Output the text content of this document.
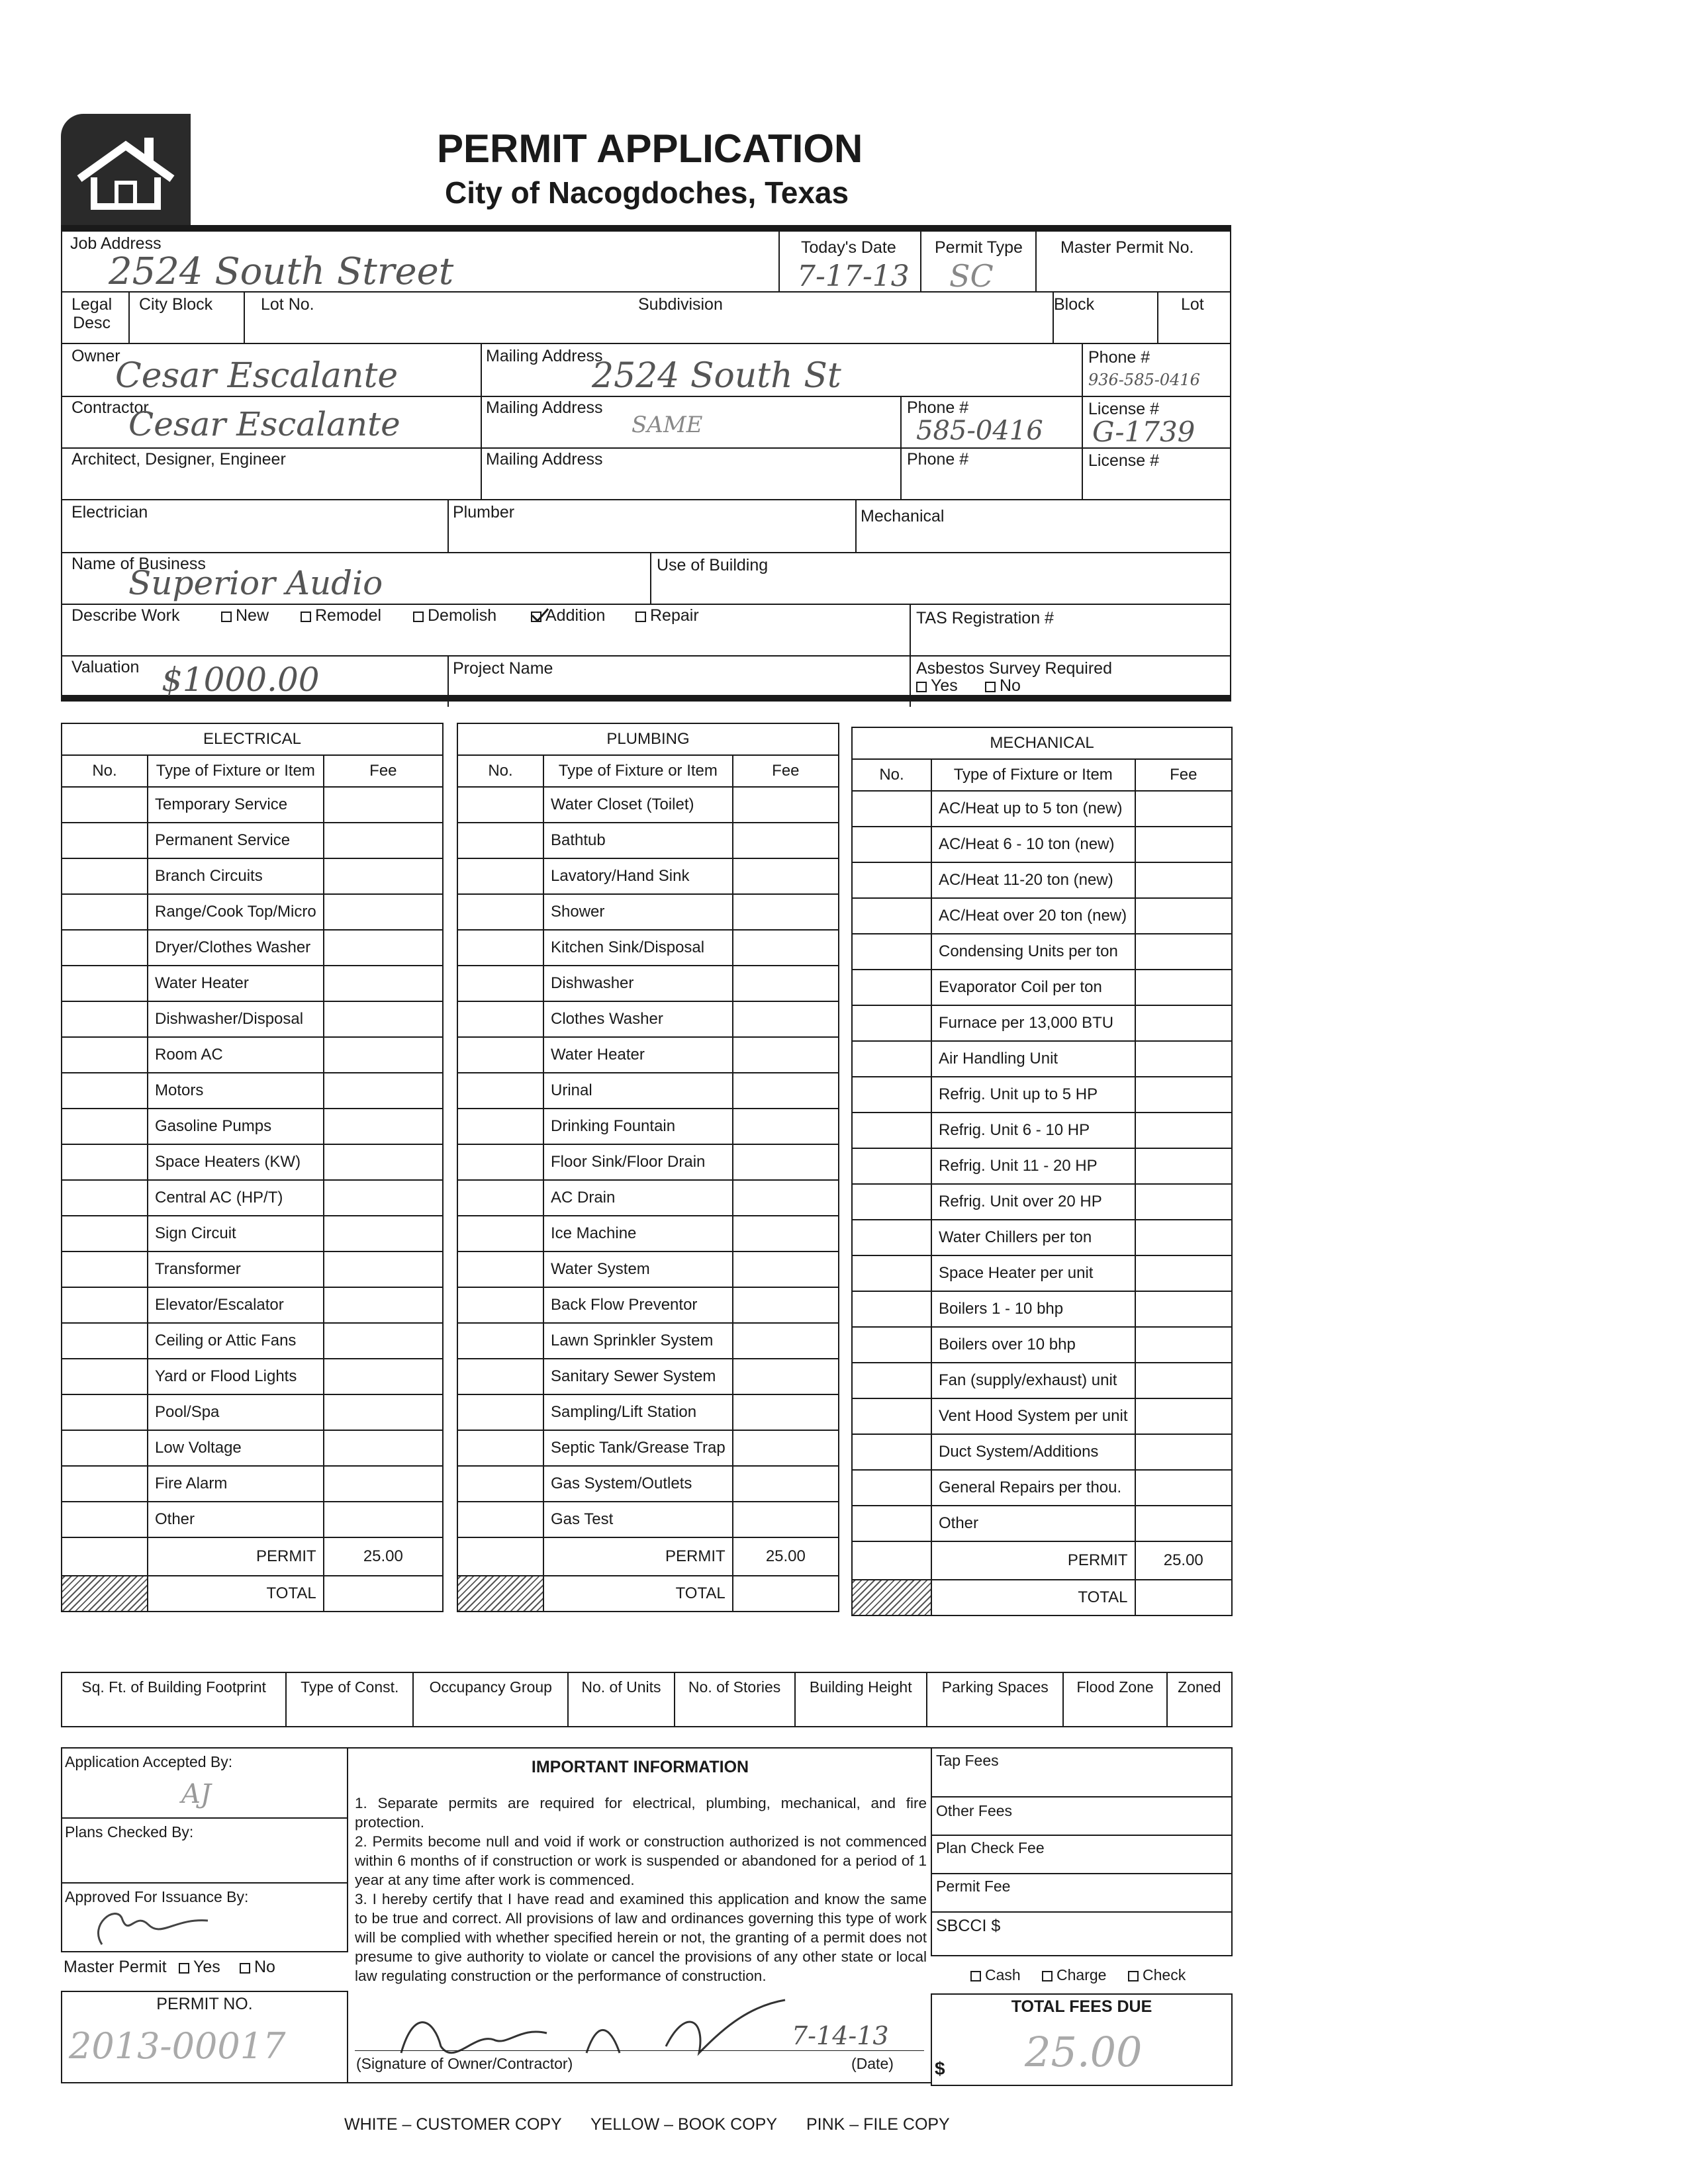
PERMIT APPLICATION
City of Nacogdoches, Texas
Job Address
2524 South Street
Today's Date
7-17-13
Permit Type
SC
Master Permit No.
Legal
Desc
City Block	Lot No.	Subdivision	Block	Lot
Owner
Cesar Escalante	Mailing Address
2524 South St	Phone #
936-585-0416
Contractor
Cesar Escalante	Mailing Address
SAME
Phone #
585-0416
License #
G-1739
Architect, Designer, Engineer	Mailing Address	Phone #	License #
Electrician	Plumber	Mechanical
Name of Business
Superior Audio	Use of Building
Describe Work	New	Remodel	Demolish	Addition	Repair	TAS Registration #
Valuation $1000.00	Project Name	Asbestos Survey Required
Yes	No
ELECTRICAL		
No.	Type of Fixture or Item	Fee
	Temporary Service	
	Permanent Service	
	Branch Circuits	
	Range/Cook Top/Micro	
	Dryer/Clothes Washer	
	Water Heater	
	Dishwasher/Disposal	
	Room AC	
	Motors	
	Gasoline Pumps	
	Space Heaters (KW)	
	Central AC (HP/T)	
	Sign Circuit	
	Transformer	
	Elevator/Escalator	
	Ceiling or Attic Fans	
	Yard or Flood Lights	
	Pool/Spa	
	Low Voltage	
	Fire Alarm	
	Other	
	PERMIT	25.00
	TOTAL	
PLUMBING		
No.	Type of Fixture or Item	Fee
	Water Closet (Toilet)	
	Bathtub	
	Lavatory/Hand Sink	
	Shower	
	Kitchen Sink/Disposal	
	Dishwasher	
	Clothes Washer	
	Water Heater	
	Urinal	
	Drinking Fountain	
	Floor Sink/Floor Drain	
	AC Drain	
	Ice Machine	
	Water System	
	Back Flow Preventor	
	Lawn Sprinkler System	
	Sanitary Sewer System	
	Sampling/Lift Station	
	Septic Tank/Grease Trap	
	Gas System/Outlets	
	Gas Test	
	PERMIT	25.00
	TOTAL	
MECHANICAL		
No.	Type of Fixture or Item	Fee
	AC/Heat up to 5 ton (new)	
	AC/Heat 6 - 10 ton (new)	
	AC/Heat 11-20 ton (new)	
	AC/Heat over 20 ton (new)	
	Condensing Units per ton	
	Evaporator Coil per ton	
	Furnace per 13,000 BTU	
	Air Handling Unit	
	Refrig. Unit up to 5 HP	
	Refrig. Unit 6 - 10 HP	
	Refrig. Unit 11 - 20 HP	
	Refrig. Unit over 20 HP	
	Water Chillers per ton	
	Space Heater per unit	
	Boilers 1 - 10 bhp	
	Boilers over 10 bhp	
	Fan (supply/exhaust) unit	
	Vent Hood System per unit	
	Duct System/Additions	
	General Repairs per thou.	
	Other	
	PERMIT	25.00
	TOTAL	
Sq. Ft. of Building Footprint	Type of Const.	Occupancy Group	No. of Units	No. of Stories	Building Height	Parking Spaces	Flood Zone	Zoned
Application Accepted By:
AJ
Plans Checked By:
Approved For Issuance By:
Master Permit	Yes	No
PERMIT NO.
2013-00017
IMPORTANT INFORMATION
1. Separate permits are required for electrical, plumbing, mechanical, and fire protection.
2. Permits become null and void if work or construction authorized is not commenced within 6 months of if construction or work is suspended or abandoned for a period of 1 year at any time after work is commenced.
3. I hereby certify that I have read and examined this application and know the same to be true and correct. All provisions of law and ordinances governing this type of work will be complied with whether specified herein or not, the granting of a permit does not presume to give authority to violate or cancel the provisions of any other state or local law regulating construction or the performance of construction.
7-14-13
(Signature of Owner/Contractor)	(Date)
Tap Fees
Other Fees
Plan Check Fee
Permit Fee
SBCCI $
Cash	Charge	Check
TOTAL FEES DUE
$ 25.00
WHITE – CUSTOMER COPY YELLOW – BOOK COPY PINK – FILE COPY
